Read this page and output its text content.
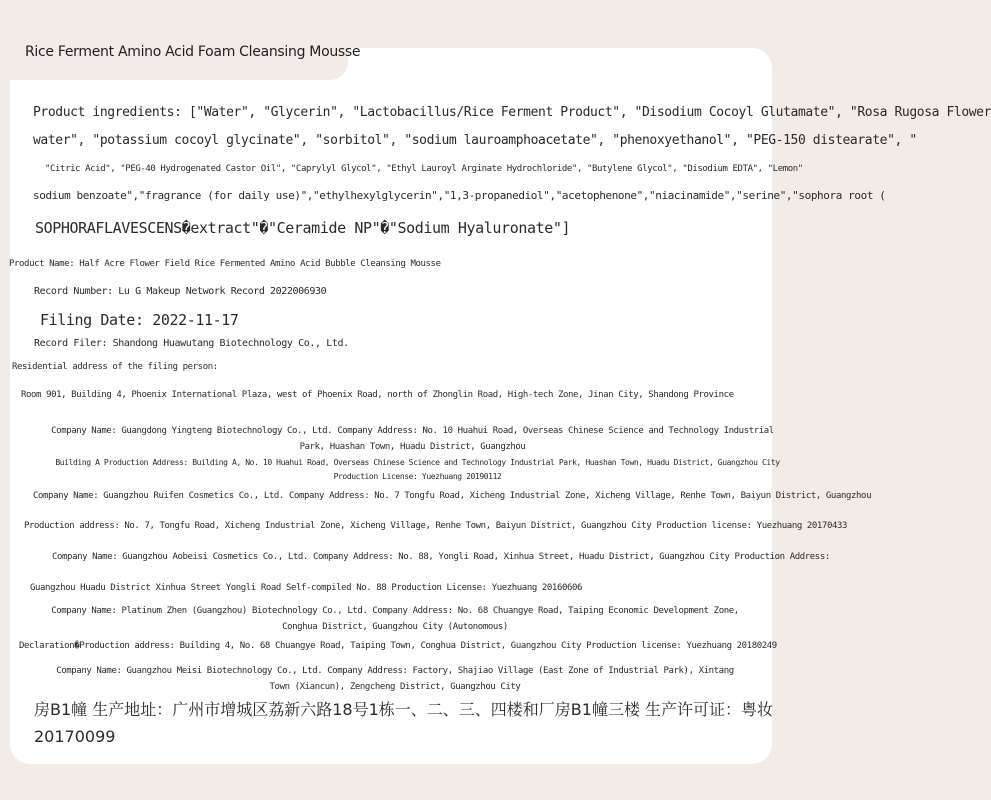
Rice Ferment Amino Acid Foam Cleansing Mousse
Product ingredients: ["Water", "Glycerin", "Lactobacillus/Rice Ferment Product", "Disodium Cocoyl Glutamate", "Rosa Rugosa Flower
water", "potassium cocoyl glycinate", "sorbitol", "sodium lauroamphoacetate", "phenoxyethanol", "PEG-150 distearate", "
"Citric Acid", "PEG-40 Hydrogenated Castor Oil", "Caprylyl Glycol", "Ethyl Lauroyl Arginate Hydrochloride", "Butylene Glycol", "Disodium EDTA", "Lemon"
sodium benzoate","fragrance (for daily use)","ethylhexylglycerin","1,3-propanediol","acetophenone","niacinamide","serine","sophora root (
SOPHORAFLAVESCENS�extract"�"Ceramide NP"�"Sodium Hyaluronate"]
Product Name: Half Acre Flower Field Rice Fermented Amino Acid Bubble Cleansing Mousse
Record Number: Lu G Makeup Network Record 2022006930
Filing Date: 2022-11-17
Record Filer: Shandong Huawutang Biotechnology Co., Ltd.
Residential address of the filing person:
Room 901, Building 4, Phoenix International Plaza, west of Phoenix Road, north of Zhonglin Road, High-tech Zone, Jinan City, Shandong Province
Company Name: Guangdong Yingteng Biotechnology Co., Ltd. Company Address: No. 10 Huahui Road, Overseas Chinese Science and Technology Industrial Park, Huashan Town, Huadu District, Guangzhou
Building A Production Address: Building A, No. 10 Huahui Road, Overseas Chinese Science and Technology Industrial Park, Huashan Town, Huadu District, Guangzhou City Production License: Yuezhuang 20190112
Company Name: Guangzhou Ruifen Cosmetics Co., Ltd. Company Address: No. 7 Tongfu Road, Xicheng Industrial Zone, Xicheng Village, Renhe Town, Baiyun District, Guangzhou
Production address: No. 7, Tongfu Road, Xicheng Industrial Zone, Xicheng Village, Renhe Town, Baiyun District, Guangzhou City Production license: Yuezhuang 20170433
Company Name: Guangzhou Aobeisi Cosmetics Co., Ltd. Company Address: No. 88, Yongli Road, Xinhua Street, Huadu District, Guangzhou City Production Address:
Guangzhou Huadu District Xinhua Street Yongli Road Self-compiled No. 88 Production License: Yuezhuang 20160606
Company Name: Platinum Zhen (Guangzhou) Biotechnology Co., Ltd. Company Address: No. 68 Chuangye Road, Taiping Economic Development Zone, Conghua District, Guangzhou City (Autonomous)
Declaration�Production address: Building 4, No. 68 Chuangye Road, Taiping Town, Conghua District, Guangzhou City Production license: Yuezhuang 20180249
Company Name: Guangzhou Meisi Biotechnology Co., Ltd. Company Address: Factory, Shajiao Village (East Zone of Industrial Park), Xintang Town (Xiancun), Zengcheng District, Guangzhou City
房B1幢 生产地址：广州市增城区荔新六路18号1栋一、二、三、四楼和厂房B1幢三楼 生产许可证：粤妆
20170099
